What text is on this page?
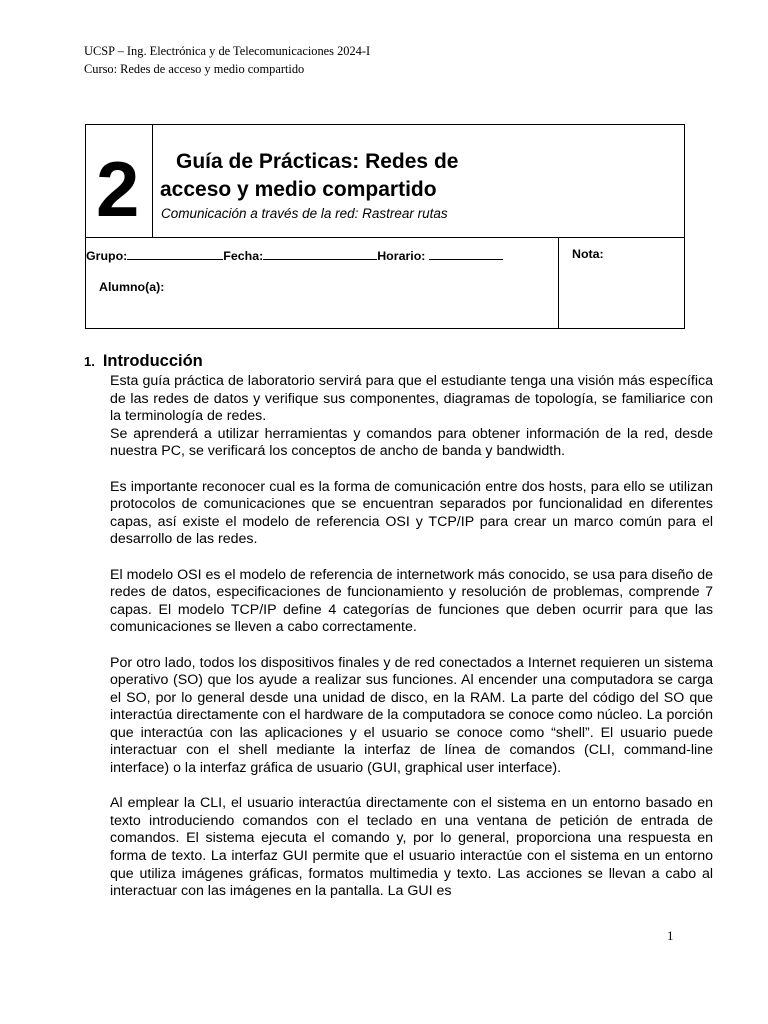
UCSP – Ing. Electrónica y de Telecomunicaciones 2024-I
Curso: Redes de acceso y medio compartido
2 Guía de Prácticas: Redes de
acceso y medio compartido
Comunicación a través de la red: Rastrear rutas
Grupo:	Fecha:	Horario:	Nota:
Alumno(a):
1. Introducción

Esta guía práctica de laboratorio servirá para que el estudiante tenga una visión más específica de las redes de datos y verifique sus componentes, diagramas de topología, se familiarice con la terminología de redes.

Se aprenderá a utilizar herramientas y comandos para obtener información de la red, desde nuestra PC, se verificará los conceptos de ancho de banda y bandwidth.

Es importante reconocer cual es la forma de comunicación entre dos hosts, para ello se utilizan protocolos de comunicaciones que se encuentran separados por funcionalidad en diferentes capas, así existe el modelo de referencia OSI y TCP/IP para crear un marco común para el desarrollo de las redes.

El modelo OSI es el modelo de referencia de internetwork más conocido, se usa para diseño de redes de datos, especificaciones de funcionamiento y resolución de problemas, comprende 7 capas. El modelo TCP/IP define 4 categorías de funciones que deben ocurrir para que las comunicaciones se lleven a cabo correctamente.

Por otro lado, todos los dispositivos finales y de red conectados a Internet requieren un sistema operativo (SO) que los ayude a realizar sus funciones. Al encender una computadora se carga el SO, por lo general desde una unidad de disco, en la RAM. La parte del código del SO que interactúa directamente con el hardware de la computadora se conoce como núcleo. La porción que interactúa con las aplicaciones y el usuario se conoce como “shell”. El usuario puede interactuar con el shell mediante la interfaz de línea de comandos (CLI, command-line interface) o la interfaz gráfica de usuario (GUI, graphical user interface).

Al emplear la CLI, el usuario interactúa directamente con el sistema en un entorno basado en texto introduciendo comandos con el teclado en una ventana de petición de entrada de comandos. El sistema ejecuta el comando y, por lo general, proporciona una respuesta en forma de texto. La interfaz GUI permite que el usuario interactúe con el sistema en un entorno que utiliza imágenes gráficas, formatos multimedia y texto. Las acciones se llevan a cabo al interactuar con las imágenes en la pantalla. La GUI es

1
